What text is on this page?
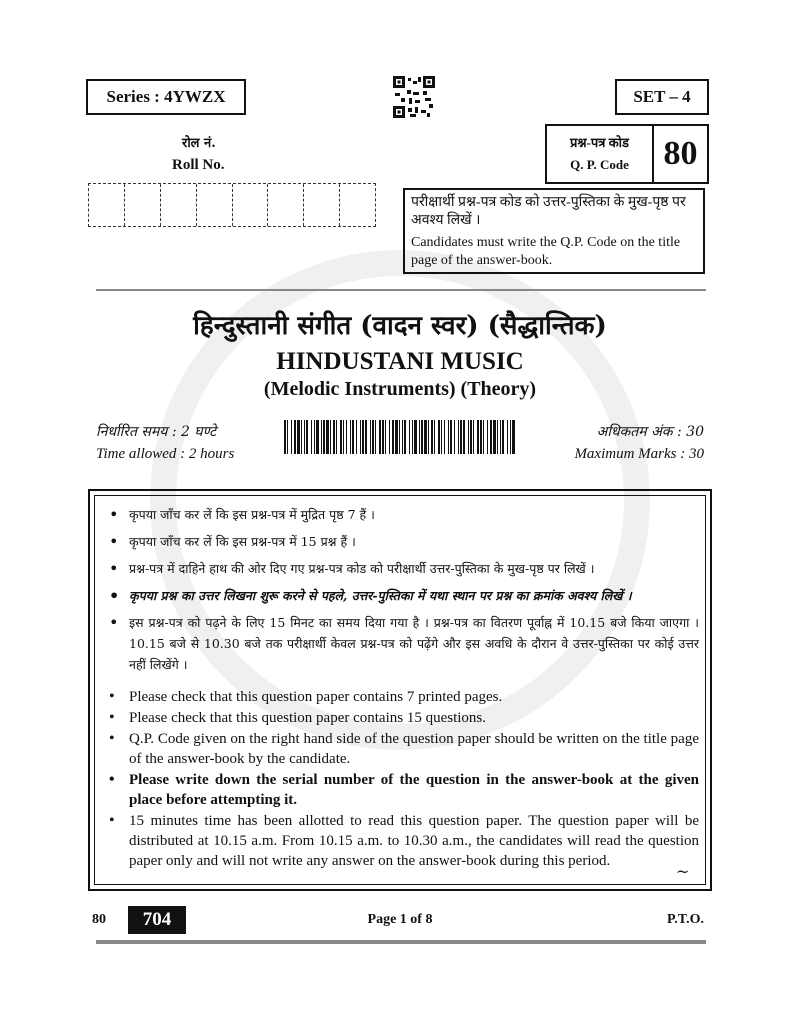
Series : 4YWZX	SET – 4
रोल नं.
Roll No.
प्रश्न-पत्र कोड
Q. P. Code 80

परीक्षार्थी प्रश्न-पत्र कोड को उत्तर-पुस्तिका के मुख-पृष्ठ पर अवश्य लिखें ।

Candidates must write the Q.P. Code on the title page of the answer-book.

हिन्दुस्तानी संगीत (वादन स्वर) (सैद्धान्तिक)
HINDUSTANI MUSIC
(Melodic Instruments) (Theory)
निर्धारित समय : 2 घण्टे
Time allowed : 2 hours
अधिकतम अंक : 30
Maximum Marks : 30
• कृपया जाँच कर लें कि इस प्रश्न-पत्र में मुद्रित पृष्ठ 7 हैं ।
• कृपया जाँच कर लें कि इस प्रश्न-पत्र में 15 प्रश्न हैं ।
• प्रश्न-पत्र में दाहिने हाथ की ओर दिए गए प्रश्न-पत्र कोड को परीक्षार्थी उत्तर-पुस्तिका के मुख-पृष्ठ पर लिखें ।
• कृपया प्रश्न का उत्तर लिखना शुरू करने से पहले, उत्तर-पुस्तिका में यथा स्थान पर प्रश्न का क्रमांक अवश्य लिखें ।
• इस प्रश्न-पत्र को पढ़ने के लिए 15 मिनट का समय दिया गया है । प्रश्न-पत्र का वितरण पूर्वाह्न में 10.15 बजे किया जाएगा । 10.15 बजे से 10.30 बजे तक परीक्षार्थी केवल प्रश्न-पत्र को पढ़ेंगे और इस अवधि के दौरान वे उत्तर-पुस्तिका पर कोई उत्तर नहीं लिखेंगे ।
• Please check that this question paper contains 7 printed pages.
• Please check that this question paper contains 15 questions.
• Q.P. Code given on the right hand side of the question paper should be written on the title page of the answer-book by the candidate.
• Please write down the serial number of the question in the answer-book at the given place before attempting it.
• 15 minutes time has been allotted to read this question paper. The question paper will be distributed at 10.15 a.m. From 10.15 a.m. to 10.30 a.m., the candidates will read the question paper only and will not write any answer on the answer-book during this period.
~
80	704	Page 1 of 8	P.T.O.
